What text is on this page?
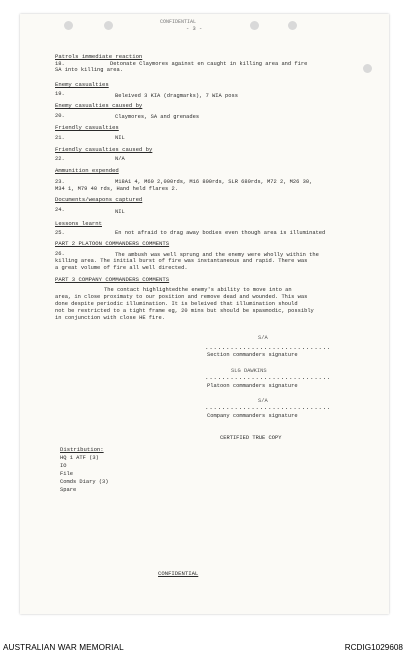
CONFIDENTIAL
- 3 -
Patrols immediate reaction
18.	Detonate Claymores against en caught in killing area and fire
SA into killing area.
Enemy casualties
19.	Beleived 3 KIA (dragmarks), 7 WIA poss
Enemy casualties caused by
20.	Claymores, SA and grenades
Friendly casualties
21.	NIL
Friendly casualties caused by
22.	N/A
Ammunition expended
23.	M18A1 4, M60 2,000rds, M16 800rds, SLR 680rds, M72 2, M26 30,
M34 1, M79 40 rds, Hand held flares 2.
Documents/weapons captured
24.	NIL
Lessons learnt
25.	En not afraid to drag away bodies even though area is illuminated
PART 2 PLATOON COMMANDERS COMMENTS
26.	The ambush was well sprung and the enemy were wholly within the
killing area. The initial burst of fire was instantaneous and rapid. There was
a great volume of fire all well directed.
PART 3 COMPANY COMMANDERS COMMENTS
The contact highlightedthe enemy's ability to move into an
area, in close proximaty to our position and remove dead and wounded. This was
done despite periodic illumination. It is beleived that illumination should
not be restricted to a tight frame eg, 20 mins but should be spasmodic, possibly
in conjunction with close HE fire.
S/A
..............................
Section commanders signature
SLG DAWKINS
..............................
Platoon commanders signature
S/A
..............................
Company commanders signature
Distribution:
HQ 1 ATF (3)
IO
File
Comds Diary (3)
Spare
CERTIFIED TRUE COPY
CONFIDENTIAL
AUSTRALIAN WAR MEMORIAL	RCDIG1029608
